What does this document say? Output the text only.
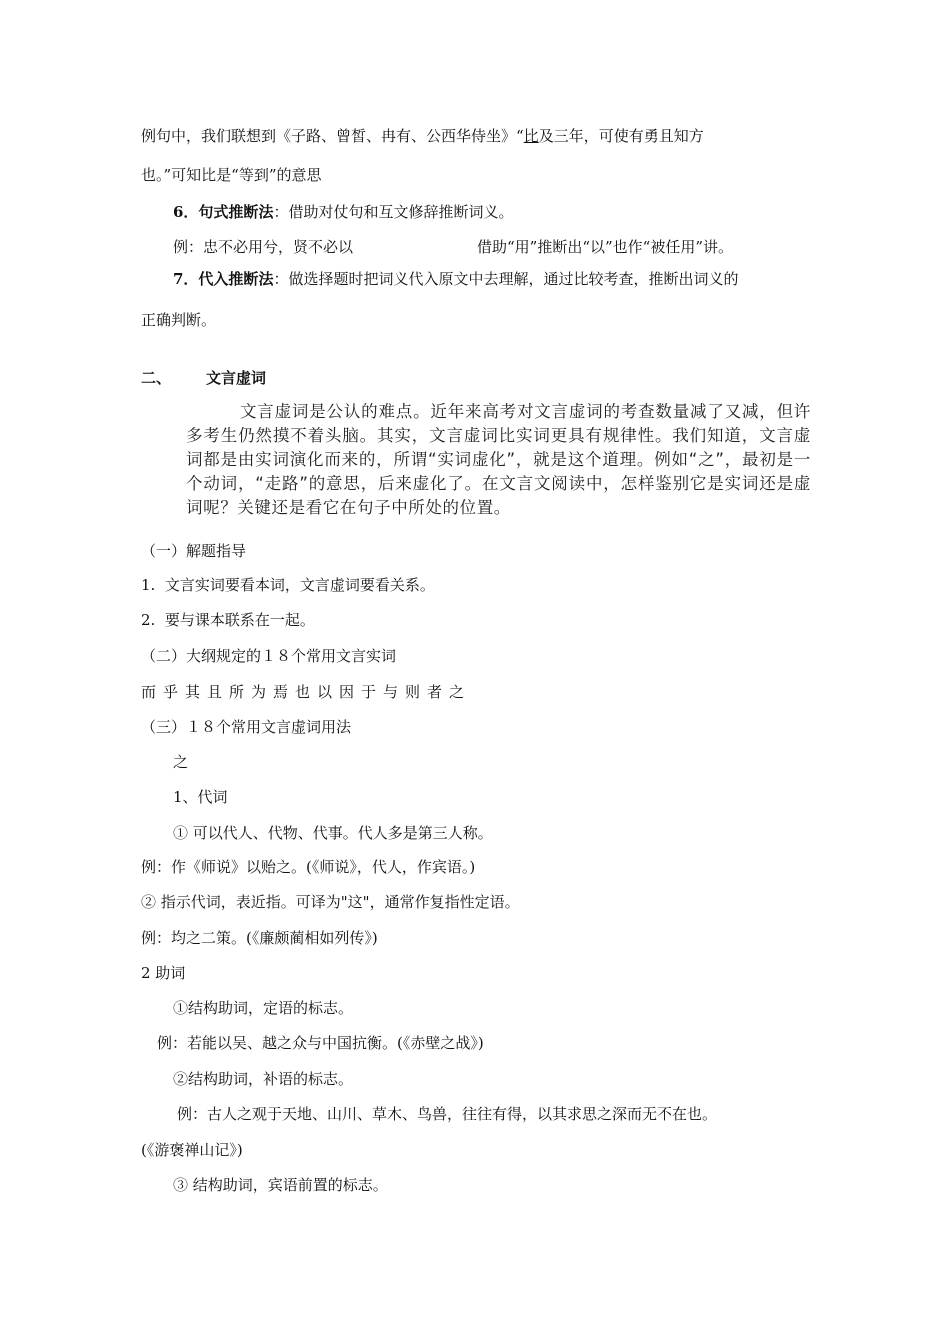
例句中，我们联想到《子路、曾皙、冉有、公西华侍坐》“比及三年，可使有勇且知方
也。”可知比是“等到”的意思
6．句式推断法：借助对仗句和互文修辞推断词义。
例：忠不必用兮，贤不必以	借助“用”推断出“以”也作“被任用”讲。
7．代入推断法：做选择题时把词义代入原文中去理解，通过比较考查，推断出词义的
正确判断。
二、 文言虚词
文言虚词是公认的难点。近年来高考对文言虚词的考查数量减了又减，但许多考生仍然摸不着头脑。其实，文言虚词比实词更具有规律性。我们知道，文言虚词都是由实词演化而来的，所谓“实词虚化”，就是这个道理。例如“之”，最初是一个动词，“走路”的意思，后来虚化了。在文言文阅读中，怎样鉴别它是实词还是虚词呢？关键还是看它在句子中所处的位置。
（一）解题指导
1.  文言实词要看本词，文言虚词要看关系。
2.  要与课本联系在一起。
（二）大纲规定的１８个常用文言实词
而乎其且所为焉也以因于与则者之
（三）１８个常用文言虚词用法
之
1、代词
① 可以代人、代物、代事。代人多是第三人称。
例：作《师说》以贻之。(《师说》，代人，作宾语。)
② 指示代词，表近指。可译为"这"，通常作复指性定语。
例：均之二策。(《廉颇蔺相如列传》)
2 助词
①结构助词，定语的标志。
例：若能以吴、越之众与中国抗衡。(《赤壁之战》)
②结构助词，补语的标志。
例：古人之观于天地、山川、草木、鸟兽，往往有得，以其求思之深而无不在也。
(《游褒禅山记》)
③ 结构助词，宾语前置的标志。
